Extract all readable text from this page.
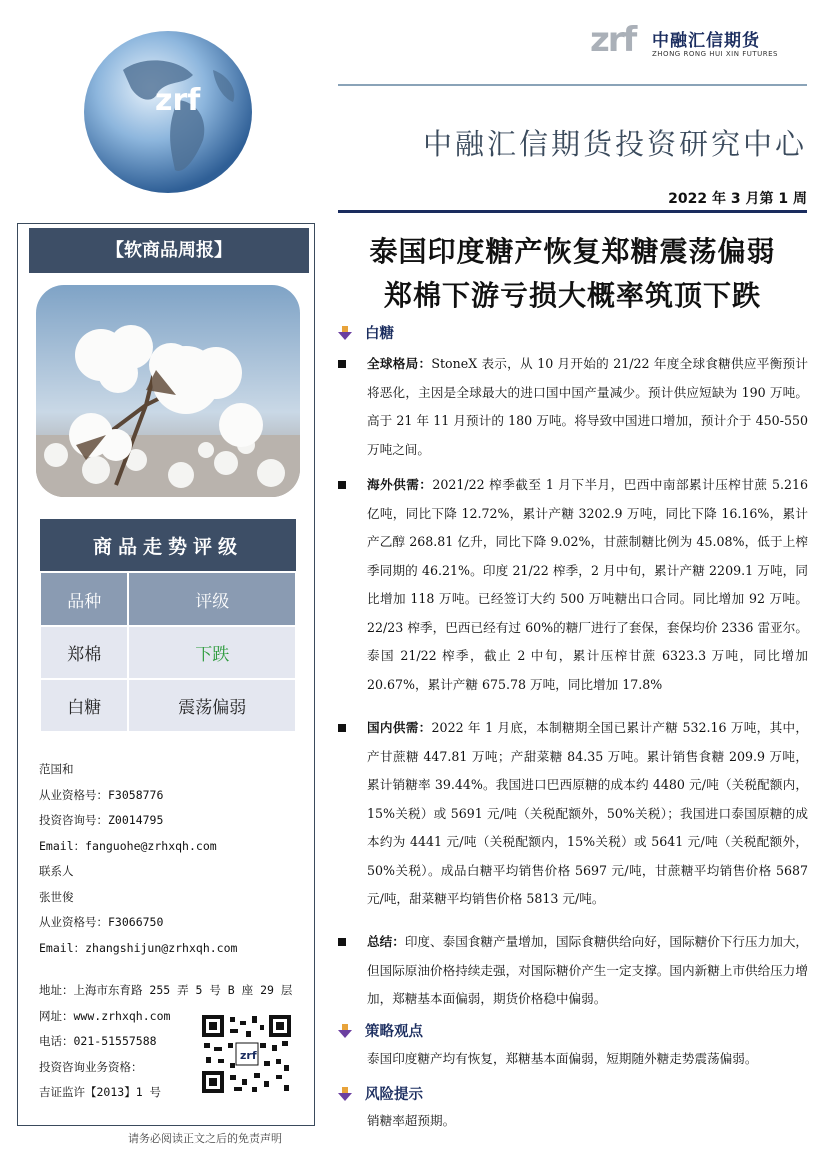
zrf
zrf 中融汇信期货
ZHONG RONG HUI XIN FUTURES
中融汇信期货投资研究中心
2022 年 3 月第 1 周
【软商品周报】
商品走势评级	
品种	评级
郑棉	下跌
白糖	震荡偏弱
范国和
从业资格号：F3058776
投资咨询号：Z0014795
Email：fanguohe@zrhxqh.com
联系人
张世俊
从业资格号：F3066750
Email：zhangshijun@zrhxqh.com
地址：上海市东育路 255 弄 5 号 B 座 29 层
网址：www.zrhxqh.com
电话：021-51557588
投资咨询业务资格：
吉证监许【2013】1 号
zrf
请务必阅读正文之后的免责声明
泰国印度糖产恢复郑糖震荡偏弱
郑棉下游亏损大概率筑顶下跌
白糖
全球格局：StoneX 表示，从 10 月开始的 21/22 年度全球食糖供应平衡预计将恶化，主因是全球最大的进口国中国产量减少。预计供应短缺为 190 万吨。高于 21 年 11 月预计的 180 万吨。将导致中国进口增加，预计介于 450-550 万吨之间。
海外供需：2021/22 榨季截至 1 月下半月，巴西中南部累计压榨甘蔗 5.216 亿吨，同比下降 12.72%，累计产糖 3202.9 万吨，同比下降 16.16%，累计产乙醇 268.81 亿升，同比下降 9.02%，甘蔗制糖比例为 45.08%，低于上榨季同期的 46.21%。印度 21/22 榨季，2 月中旬，累计产糖 2209.1 万吨，同比增加 118 万吨。已经签订大约 500 万吨糖出口合同。同比增加 92 万吨。22/23 榨季，巴西已经有过 60%的糖厂进行了套保，套保均价 2336 雷亚尔。泰国 21/22 榨季，截止 2 中旬，累计压榨甘蔗 6323.3 万吨，同比增加 20.67%，累计产糖 675.78 万吨，同比增加 17.8%
国内供需：2022 年 1 月底，本制糖期全国已累计产糖 532.16 万吨，其中，产甘蔗糖 447.81 万吨；产甜菜糖 84.35 万吨。累计销售食糖 209.9 万吨，累计销糖率 39.44%。我国进口巴西原糖的成本约 4480 元/吨（关税配额内，15%关税）或 5691 元/吨（关税配额外，50%关税）；我国进口泰国原糖的成本约为 4441 元/吨（关税配额内，15%关税）或 5641 元/吨（关税配额外，50%关税）。成品白糖平均销售价格 5697 元/吨，甘蔗糖平均销售价格 5687 元/吨，甜菜糖平均销售价格 5813 元/吨。
总结：印度、泰国食糖产量增加，国际食糖供给向好，国际糖价下行压力加大，但国际原油价格持续走强，对国际糖价产生一定支撑。国内新糖上市供给压力增加，郑糖基本面偏弱，期货价格稳中偏弱。
策略观点
泰国印度糖产均有恢复，郑糖基本面偏弱，短期随外糖走势震荡偏弱。
风险提示
销糖率超预期。
